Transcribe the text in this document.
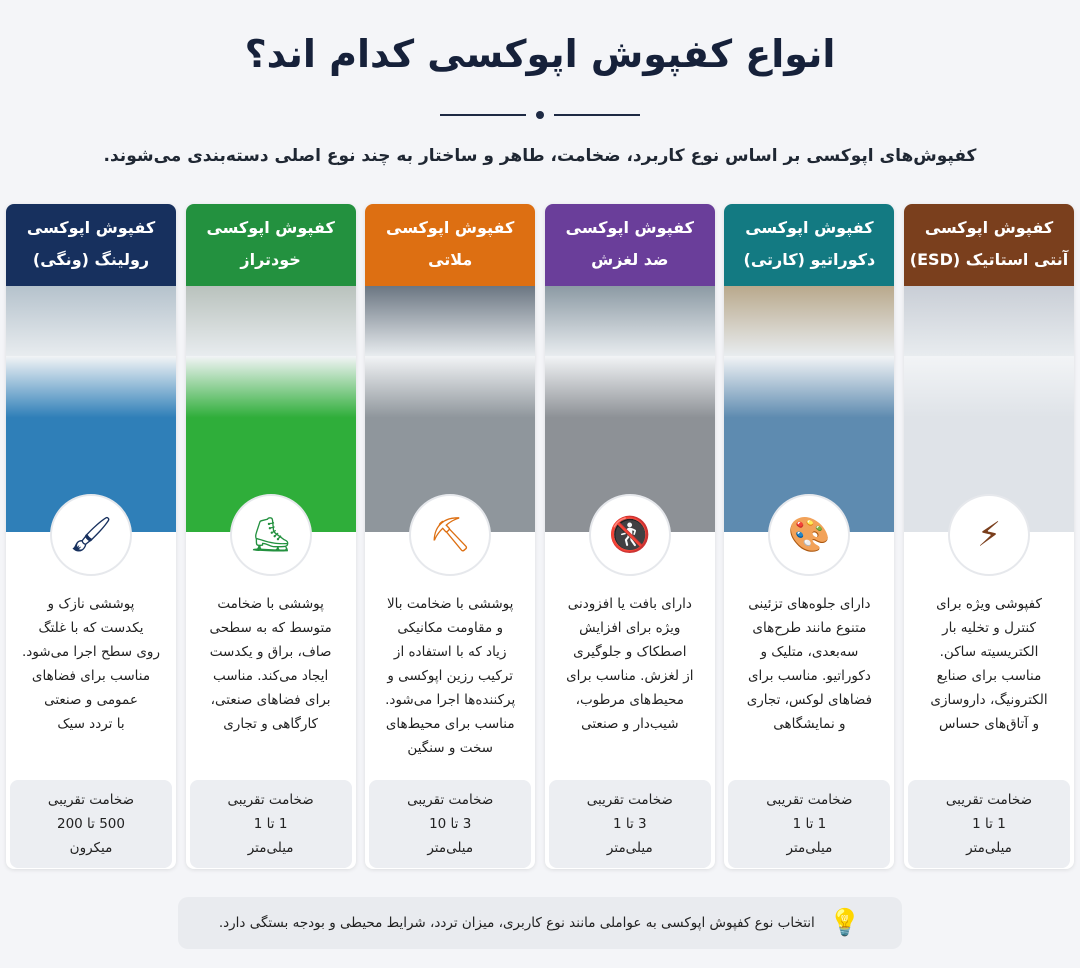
انواع کفپوش اپوکسی کدام اند؟
کفپوش‌های اپوکسی بر اساس نوع کاربرد، ضخامت، طاهر و ساختار به چند نوع اصلی دسته‌بندی می‌شوند.
کفپوش اپوکسی
آنتی استاتیک (ESD)
⚡
کفپوشی ویژه برای
کنترل و تخلیه بار
الکتریسیته ساکن.
مناسب برای صنایع
الکترونیگ، داروسازی
و آتاق‌های حساس
ضخامت تقریبی
1 تا 1
میلی‌متر
کفپوش اپوکسی
دکوراتیو (کارتی)
🎨
دارای جلوه‌های تزئینی
متنوع مانند طرح‌های
سه‌بعدی، متلیک و
دکوراتیو. مناسب برای
فضاهای لوکس، تجاری
و نمایشگاهی
ضخامت تقریبی
1 تا 1
میلی‌متر
کفپوش اپوکسی
ضد لغزش
🚷
دارای بافت یا افزودنی
ویژه برای افزایش
اصطکاک و جلوگیری
از لغزش. مناسب برای
محیط‌های مرطوب،
شیب‌دار و صنعتی
ضخامت تقریبی
3 تا 1
میلی‌متر
کفپوش اپوکسی
ملاتی
⛏
پوششی با ضخامت بالا
و مقاومت مکانیکی
زیاد که با استفاده از
ترکیب رزین اپوکسی و
پرکننده‌ها اجرا می‌شود.
مناسب برای محیط‌های
سخت و سنگین
ضخامت تقریبی
3 تا 10
میلی‌متر
کفپوش اپوکسی
خودتراز
⛸
پوششی با ضخامت
متوسط که به سطحی
صاف، براق و یکدست
ایجاد می‌کند. مناسب
برای فضاهای صنعتی،
کارگاهی و تجاری
ضخامت تقریبی
1 تا 1
میلی‌متر
کفپوش اپوکسی
رولینگ (ونگی)
🖌
پوششی نازک و
یکدست که با غلتگ
روی سطح اجرا می‌شود.
مناسب برای فضاهای
عمومی و صنعتی
با تردد سیک
ضخامت تقریبی
500 تا 200
میکرون
💡
انتخاب نوع کفپوش اپوکسی به عواملی مانند نوع کاربری، میزان تردد، شرایط محیطی و بودجه بستگی دارد.
